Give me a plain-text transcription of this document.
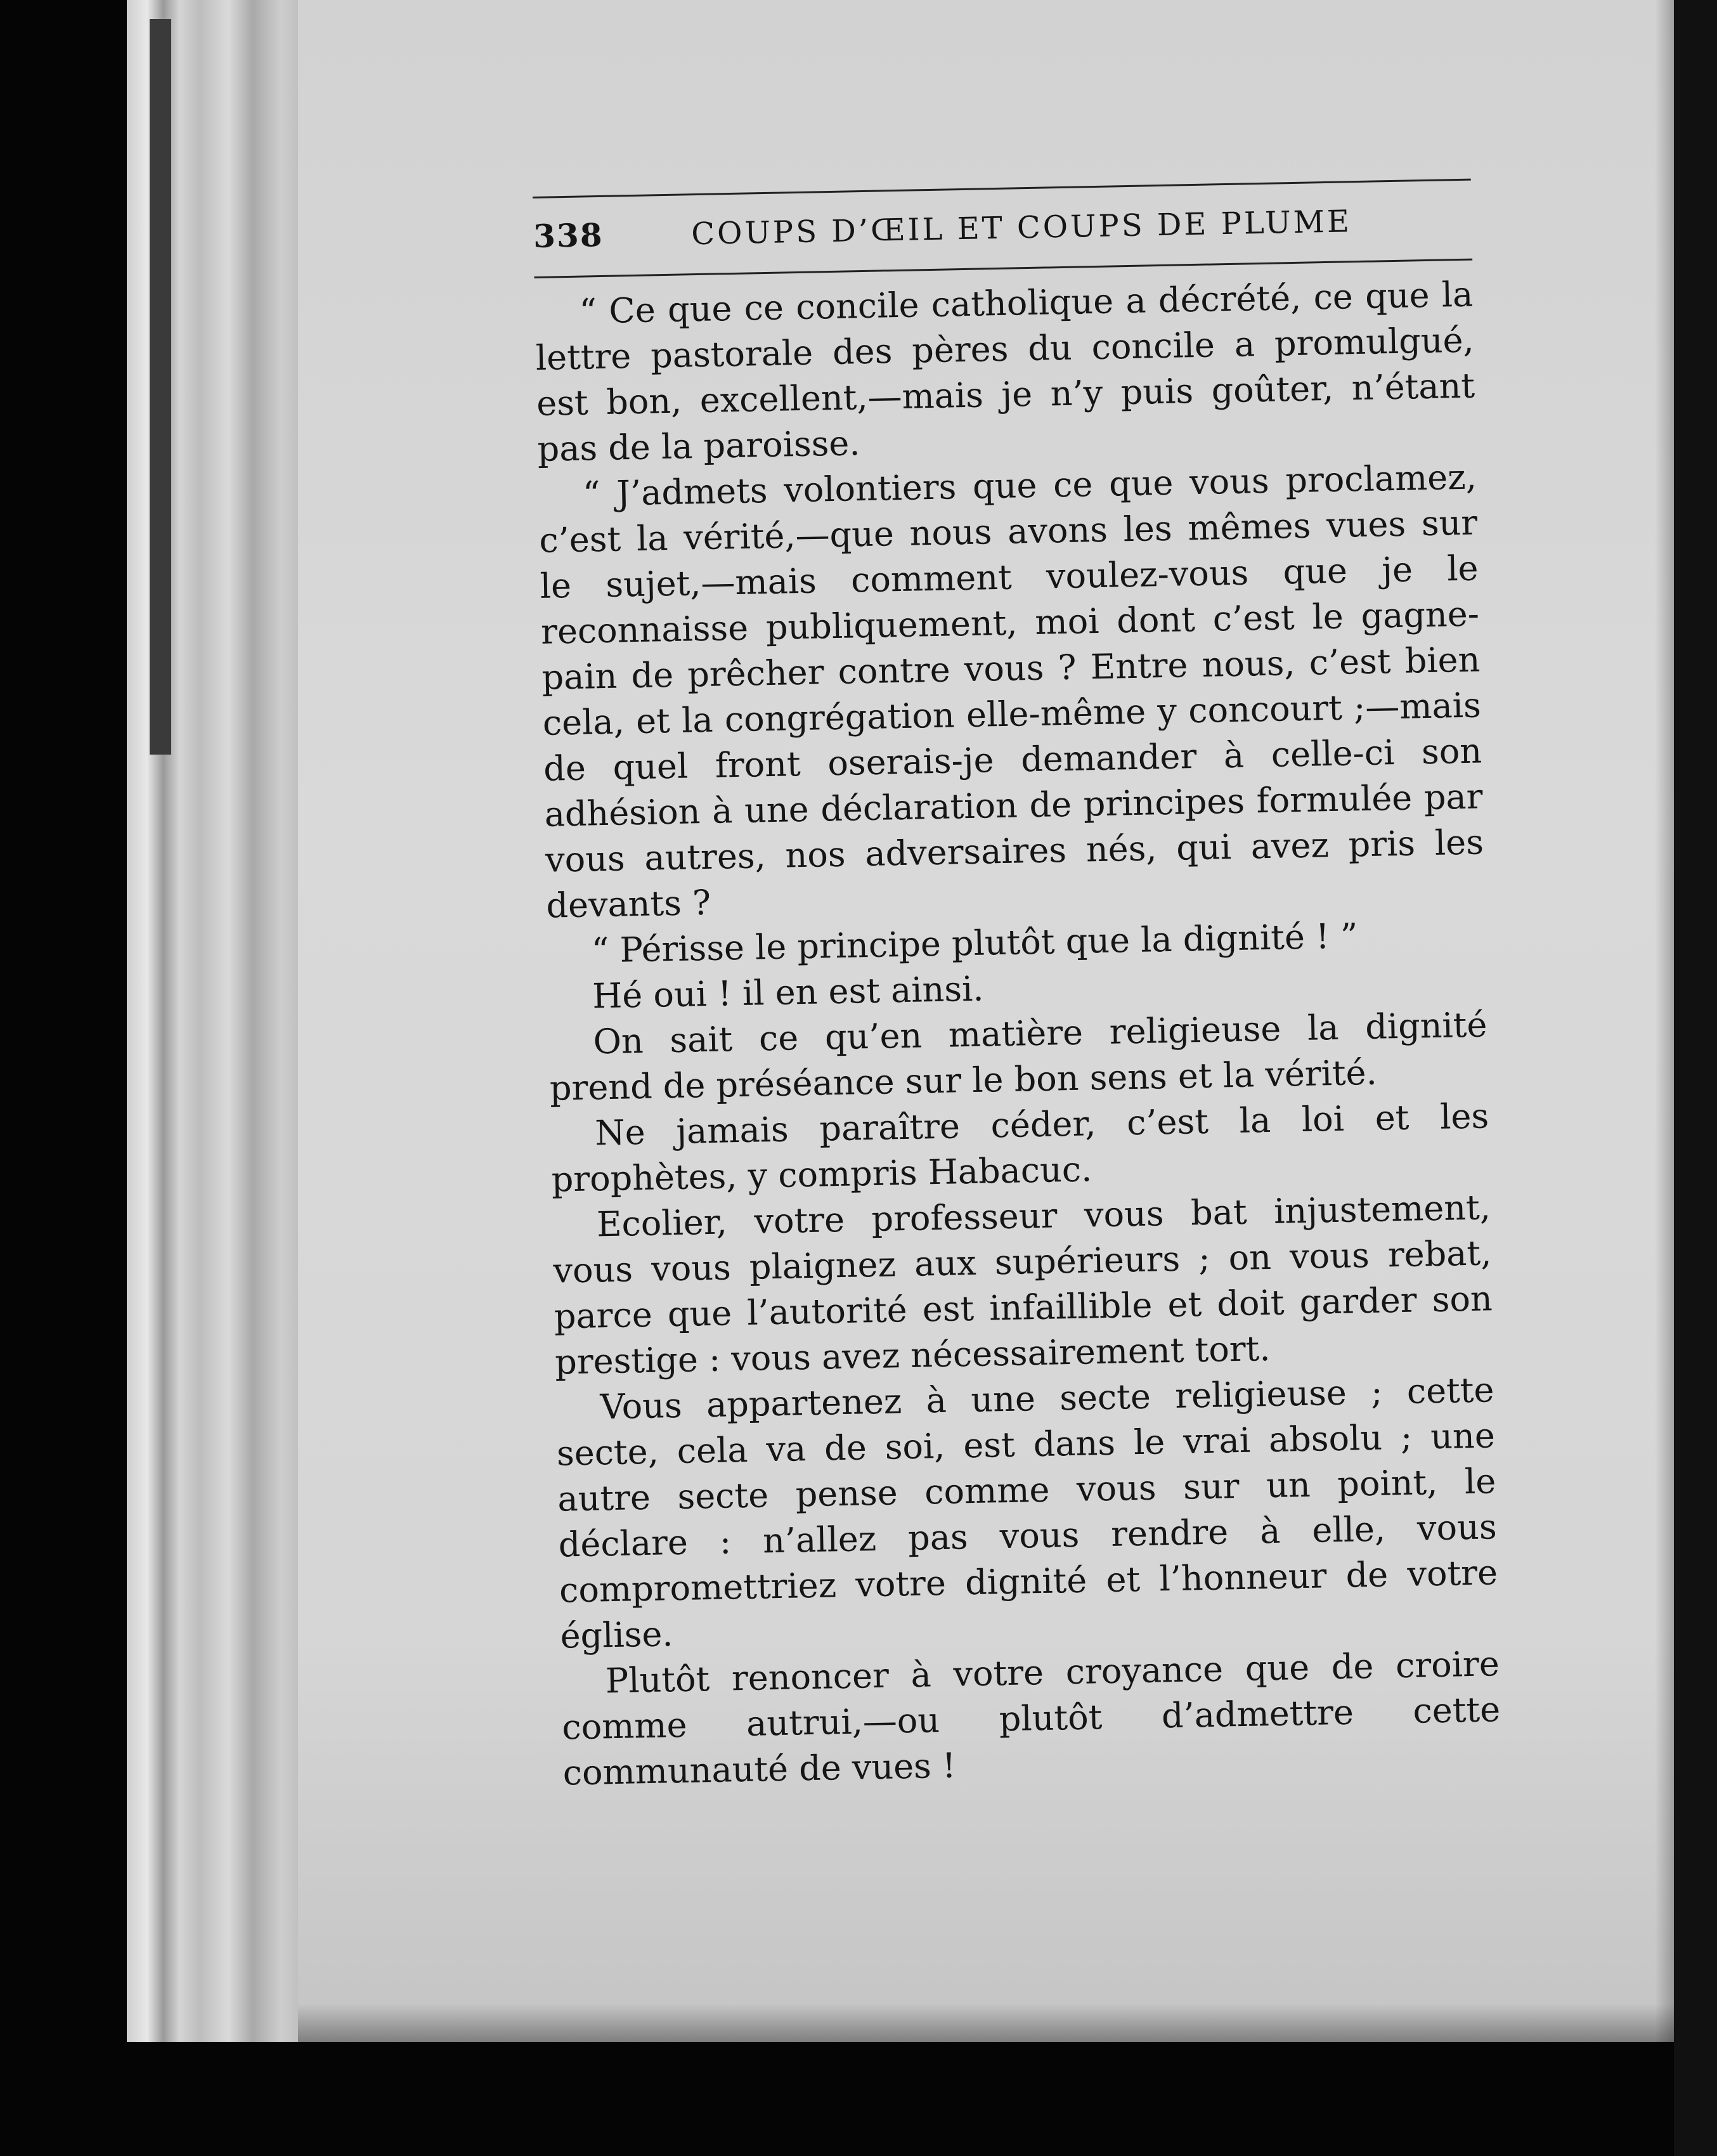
338	COUPS D’ŒIL ET COUPS DE PLUME

“ Ce que ce concile catholique a décrété, ce que la lettre pastorale des pères du concile a promulgué, est bon, excellent,—mais je n’y puis goûter, n’étant pas de la paroisse.

“ J’admets volontiers que ce que vous proclamez, c’est la vérité,—que nous avons les mêmes vues sur le sujet,—mais comment voulez-vous que je le reconnaisse publiquement, moi dont c’est le gagne-pain de prêcher contre vous ? Entre nous, c’est bien cela, et la congrégation elle-même y concourt ;—mais de quel front oserais-je demander à celle-ci son adhésion à une déclaration de principes formulée par vous autres, nos adversaires nés, qui avez pris les devants ?

“ Périsse le principe plutôt que la dignité ! ”

Hé oui ! il en est ainsi.

On sait ce qu’en matière religieuse la dignité prend de préséance sur le bon sens et la vérité.

Ne jamais paraître céder, c’est la loi et les prophètes, y compris Habacuc.

Ecolier, votre professeur vous bat injustement, vous vous plaignez aux supérieurs ; on vous rebat, parce que l’autorité est infaillible et doit garder son prestige : vous avez nécessairement tort.

Vous appartenez à une secte religieuse ; cette secte, cela va de soi, est dans le vrai absolu ; une autre secte pense comme vous sur un point, le déclare : n’allez pas vous rendre à elle, vous compromettriez votre dignité et l’honneur de votre église.

Plutôt renoncer à votre croyance que de croire comme autrui,—ou plutôt d’admettre cette communauté de vues !
